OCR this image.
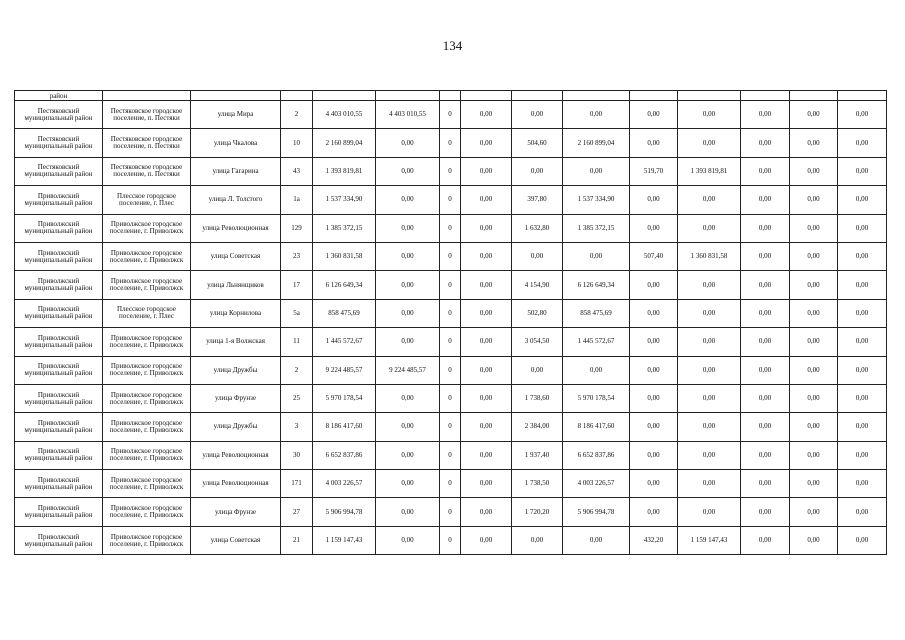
134
район														
Пестяковский муниципальный район	Пестяковское городское поселение, п. Пестяки	улица Мира	2	4 403 010,55	4 403 010,55	0	0,00	0,00	0,00	0,00	0,00	0,00	0,00	0,00
Пестяковский муниципальный район	Пестяковское городское поселение, п. Пестяки	улица Чкалова	10	2 160 899,04	0,00	0	0,00	504,60	2 160 899,04	0,00	0,00	0,00	0,00	0,00
Пестяковский муниципальный район	Пестяковское городское поселение, п. Пестяки	улица Гагарина	43	1 393 819,81	0,00	0	0,00	0,00	0,00	519,70	1 393 819,81	0,00	0,00	0,00
Приволжский муниципальный район	Плесское городское поселение, г. Плес	улица Л. Толстого	1а	1 537 334,90	0,00	0	0,00	397,80	1 537 334,90	0,00	0,00	0,00	0,00	0,00
Приволжский муниципальный район	Приволжское городское поселение, г. Приволжск	улица Революционная	129	1 385 372,15	0,00	0	0,00	1 632,80	1 385 372,15	0,00	0,00	0,00	0,00	0,00
Приволжский муниципальный район	Приволжское городское поселение, г. Приволжск	улица Советская	23	1 360 831,58	0,00	0	0,00	0,00	0,00	507,40	1 360 831,58	0,00	0,00	0,00
Приволжский муниципальный район	Приволжское городское поселение, г. Приволжск	улица Льнянщиков	17	6 126 649,34	0,00	0	0,00	4 154,90	6 126 649,34	0,00	0,00	0,00	0,00	0,00
Приволжский муниципальный район	Плесское городское поселение, г. Плес	улица Корнилова	5а	858 475,69	0,00	0	0,00	502,80	858 475,69	0,00	0,00	0,00	0,00	0,00
Приволжский муниципальный район	Приволжское городское поселение, г. Приволжск	улица 1-я Волжская	11	1 445 572,67	0,00	0	0,00	3 054,50	1 445 572,67	0,00	0,00	0,00	0,00	0,00
Приволжский муниципальный район	Приволжское городское поселение, г. Приволжск	улица Дружбы	2	9 224 485,57	9 224 485,57	0	0,00	0,00	0,00	0,00	0,00	0,00	0,00	0,00
Приволжский муниципальный район	Приволжское городское поселение, г. Приволжск	улица Фрунзе	25	5 970 178,54	0,00	0	0,00	1 738,60	5 970 178,54	0,00	0,00	0,00	0,00	0,00
Приволжский муниципальный район	Приволжское городское поселение, г. Приволжск	улица Дружбы	3	8 186 417,60	0,00	0	0,00	2 384,00	8 186 417,60	0,00	0,00	0,00	0,00	0,00
Приволжский муниципальный район	Приволжское городское поселение, г. Приволжск	улица Революционная	30	6 652 837,86	0,00	0	0,00	1 937,40	6 652 837,86	0,00	0,00	0,00	0,00	0,00
Приволжский муниципальный район	Приволжское городское поселение, г. Приволжск	улица Революционная	171	4 003 226,57	0,00	0	0,00	1 738,50	4 003 226,57	0,00	0,00	0,00	0,00	0,00
Приволжский муниципальный район	Приволжское городское поселение, г. Приволжск	улица Фрунзе	27	5 906 994,78	0,00	0	0,00	1 720,20	5 906 994,78	0,00	0,00	0,00	0,00	0,00
Приволжский муниципальный район	Приволжское городское поселение, г. Приволжск	улица Советская	21	1 159 147,43	0,00	0	0,00	0,00	0,00	432,20	1 159 147,43	0,00	0,00	0,00
